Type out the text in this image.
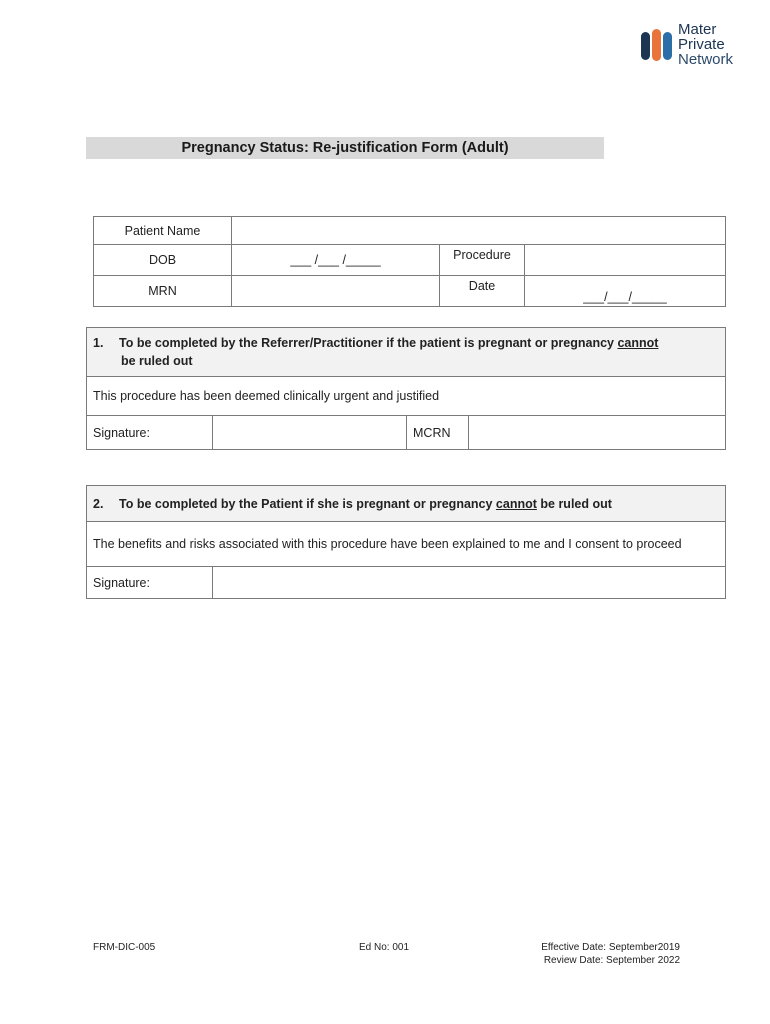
Mater
Private
Network
Pregnancy Status: Re-justification Form (Adult)
Patient Name			
DOB	___ /___ /_____	Procedure	
MRN		Date	___/___/_____
1. To be completed by the Referrer/Practitioner if the patient is pregnant or pregnancy cannot
be ruled out
This procedure has been deemed clinically urgent and justified
Signature:		MCRN	
2. To be completed by the Patient if she is pregnant or pregnancy cannot be ruled out
The benefits and risks associated with this procedure have been explained to me and I consent to proceed
Signature:	
FRM-DIC-005	Ed No: 001	Effective Date: September2019
Review Date: September 2022
